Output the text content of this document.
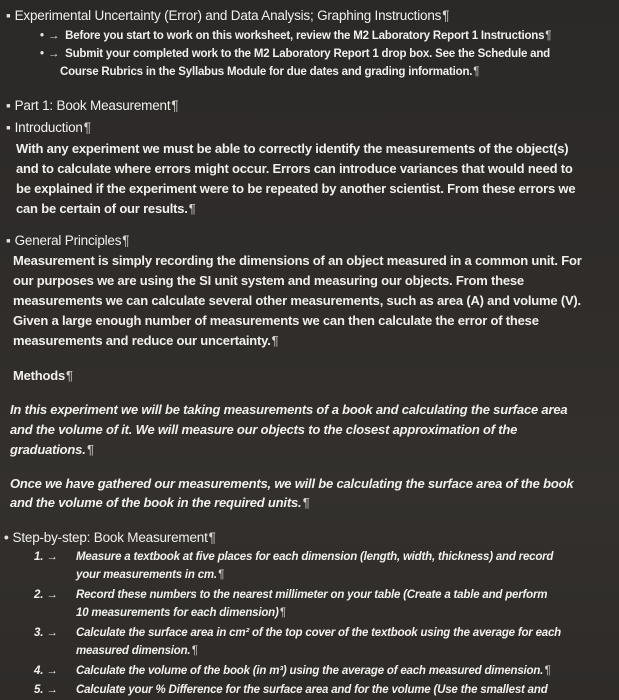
▪ Experimental Uncertainty (Error) and Data Analysis; Graphing Instructions¶
• → Before you start to work on this worksheet, review the M2 Laboratory Report 1 Instructions¶
• → Submit your completed work to the M2 Laboratory Report 1 drop box. See the Schedule and
Course Rubrics in the Syllabus Module for due dates and grading information.¶
▪ Part 1: Book Measurement¶
▪ Introduction¶
With any experiment we must be able to correctly identify the measurements of the object(s)
and to calculate where errors might occur. Errors can introduce variances that would need to
be explained if the experiment were to be repeated by another scientist. From these errors we
can be certain of our results.¶
▪ General Principles¶
Measurement is simply recording the dimensions of an object measured in a common unit. For
our purposes we are using the SI unit system and measuring our objects. From these
measurements we can calculate several other measurements, such as area (A) and volume (V).
Given a large enough number of measurements we can then calculate the error of these
measurements and reduce our uncertainty.¶
Methods¶
In this experiment we will be taking measurements of a book and calculating the surface area
and the volume of it. We will measure our objects to the closest approximation of the
graduations.¶
Once we have gathered our measurements, we will be calculating the surface area of the book
and the volume of the book in the required units.¶
• Step-by-step: Book Measurement¶
1. → Measure a textbook at five places for each dimension (length, width, thickness) and record
your measurements in cm.¶
2. → Record these numbers to the nearest millimeter on your table (Create a table and perform
10 measurements for each dimension)¶
3. → Calculate the surface area in cm² of the top cover of the textbook using the average for each
measured dimension.¶
4. → Calculate the volume of the book (in m³) using the average of each measured dimension.¶
5. → Calculate your % Difference for the surface area and for the volume (Use the smallest and
